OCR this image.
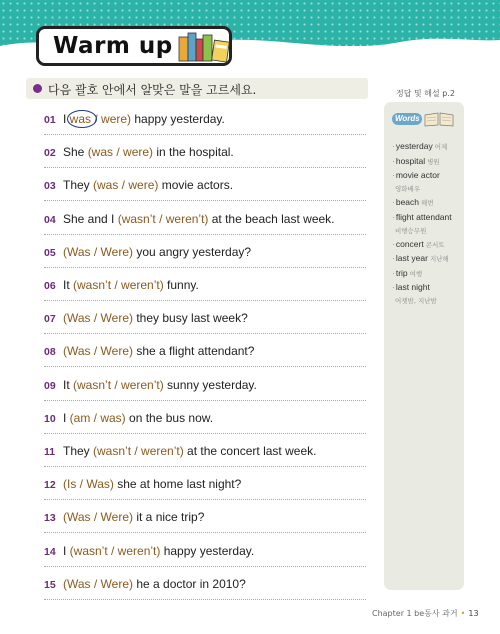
Warm up
다음 괄호 안에서 알맞은 말을 고르세요.
01 I was
/ were) happy yesterday.
02 She (was / were) in the hospital.
03 They (was / were) movie actors.
04 She and I (wasn’t / weren’t) at the beach last week.
05 (Was / Were) you angry yesterday?
06 It (wasn’t / weren’t) funny.
07 (Was / Were) they busy last week?
08 (Was / Were) she a flight attendant?
09 It (wasn’t / weren’t) sunny yesterday.
10 I (am / was) on the bus now.
11 They (wasn’t / weren’t) at the concert last week.
12 (Is / Was) she at home last night?
13 (Was / Were) it a nice trip?
14 I (wasn’t / weren’t) happy yesterday.
15 (Was / Were) he a doctor in 2010?
정답 및 해설 p.2
Words
· yesterday 어제
· hospital 병원
· movie actor
영화배우
· beach 해변
· flight attendant
비행승무원
· concert 콘서트
· last year 지난해
· trip 여행
· last night
어젯밤, 지난밤
Chapter 1 be동사 과거 • 13
